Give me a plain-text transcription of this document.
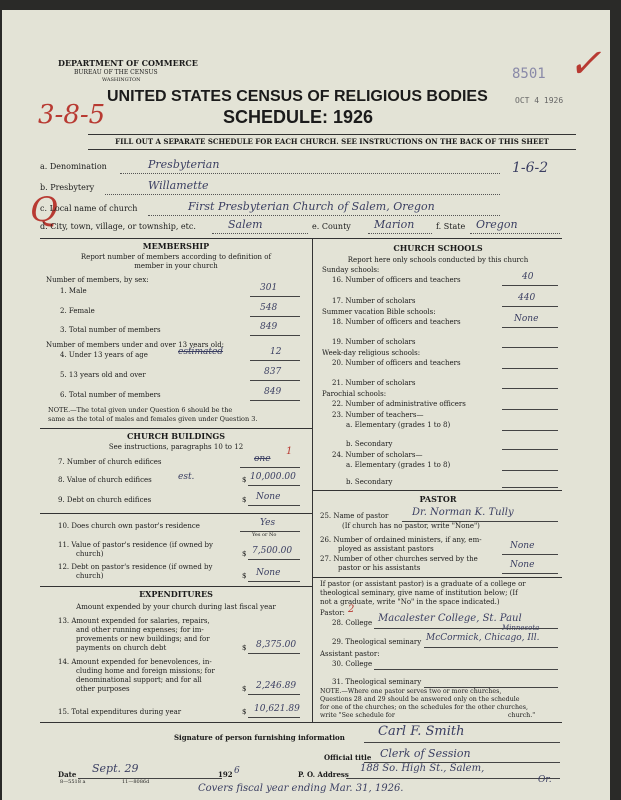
8501
OCT 4 1926
✓
DEPARTMENT OF COMMERCE
BUREAU OF THE CENSUS
WASHINGTON
3-8-5
Q
UNITED STATES CENSUS OF RELIGIOUS BODIES
SCHEDULE: 1926
FILL OUT A SEPARATE SCHEDULE FOR EACH CHURCH. SEE INSTRUCTIONS ON THE BACK OF THIS SHEET
a. Denomination	Presbyterian	1-6-2
b. Presbytery	Willamette
c. Local name of church	First Presbyterian Church of Salem, Oregon
d. City, town, village, or township, etc.	Salem	e. County Marion	f. State Oregon
MEMBERSHIP
Report number of members according to definition of
member in your church
Number of members, by sex:
1. Male	301
2. Female	548
3. Total number of members	849
Number of members under and over 13 years old:
4. Under 13 years of age	estimated	12
5. 13 years old and over	837
6. Total number of members	849
NOTE.—The total given under Question 6 should be the
same as the total of males and females given under Question 3.
CHURCH BUILDINGS
See instructions, paragraphs 10 to 12
7. Number of church edifices	one
1
8. Value of church edifices	est.	$ 10,000.00
9. Debt on church edifices	$ None
10. Does church own pastor's residence	Yes
Yes or No
11. Value of pastor's residence (if owned by
church)	$ 7,500.00
12. Debt on pastor's residence (if owned by
church)	$ None
EXPENDITURES
Amount expended by your church during last fiscal year
13. Amount expended for salaries, repairs,
and other running expenses; for im-
provements or new buildings; and for
payments on church debt	$ 8,375.00
14. Amount expended for benevolences, in-
cluding home and foreign missions; for
denominational support; and for all
other purposes	$ 2,246.89
15. Total expenditures during year	$ 10,621.89
CHURCH SCHOOLS
Report here only schools conducted by this church
Sunday schools:
16. Number of officers and teachers	40
17. Number of scholars	440
Summer vacation Bible schools:
18. Number of officers and teachers	None
19. Number of scholars
Week-day religious schools:
20. Number of officers and teachers
21. Number of scholars
Parochial schools:
22. Number of administrative officers
23. Number of teachers—
a. Elementary (grades 1 to 8)
b. Secondary
24. Number of scholars—
a. Elementary (grades 1 to 8)
b. Secondary
PASTOR
25. Name of pastor Dr. Norman K. Tully
(If church has no pastor, write "None")
26. Number of ordained ministers, if any, em-
ployed as assistant pastors	None
27. Number of other churches served by the
pastor or his assistants	None
If pastor (or assistant pastor) is a graduate of a college or
theological seminary, give name of institution below; (If
not a graduate, write "No" in the space indicated.)
Pastor: 2
28. College Macalester College, St. Paul
Minnesota
29. Theological seminary McCormick, Chicago, Ill.
Assistant pastor:
30. College
31. Theological seminary
NOTE.—Where one pastor serves two or more churches,
Questions 28 and 29 should be answered only on the schedule
for one of the churches; on the schedules for the other churches,
write "See schedule for	church."
Signature of person furnishing information	Carl F. Smith
Official title Clerk of Session
Date Sept. 29	192 6	P. O. Address
188 So. High St., Salem,
Or.
8—5518 a	11—8086d
Covers fiscal year ending Mar. 31, 1926.
